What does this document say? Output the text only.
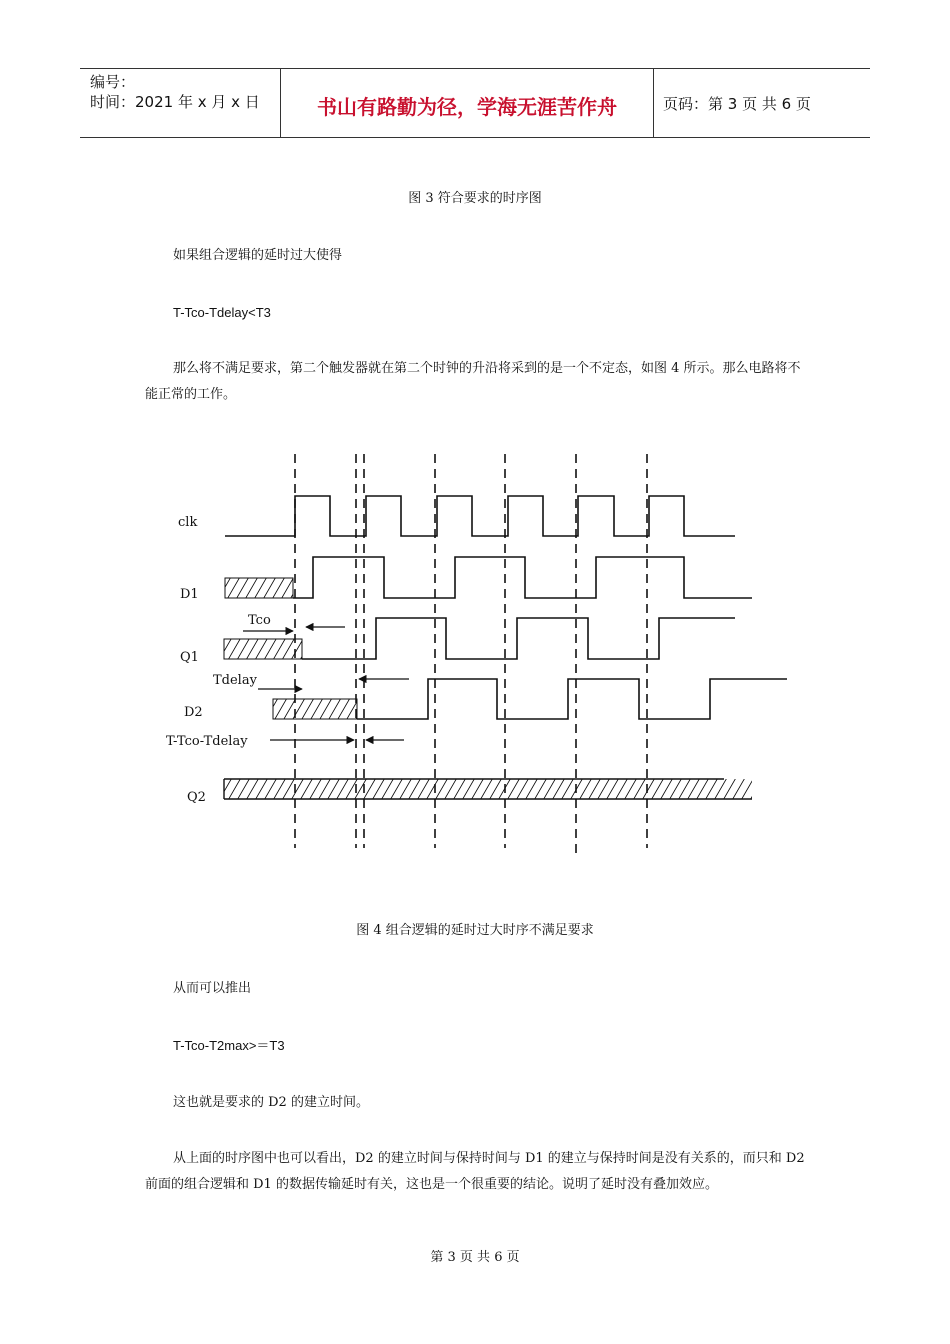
编号：
时间：2021 年 x 月 x 日	书山有路勤为径，学海无涯苦作舟	页码：第 3 页 共 6 页
图 3 符合要求的时序图
如果组合逻辑的延时过大使得
T-Tco-Tdelay<T3
那么将不满足要求，第二个触发器就在第二个时钟的升沿将采到的是一个不定态，如图 4 所示。那么电路将不能正常的工作。
clk
D1
Tco
Q1
Tdelay
D2
T-Tco-Tdelay
Q2
图 4 组合逻辑的延时过大时序不满足要求
从而可以推出
T-Tco-T2max>＝T3
这也就是要求的 D2 的建立时间。
从上面的时序图中也可以看出，D2 的建立时间与保持时间与 D1 的建立与保持时间是没有关系的，而只和 D2 前面的组合逻辑和 D1 的数据传输延时有关，这也是一个很重要的结论。说明了延时没有叠加效应。
第 3 页 共 6 页
